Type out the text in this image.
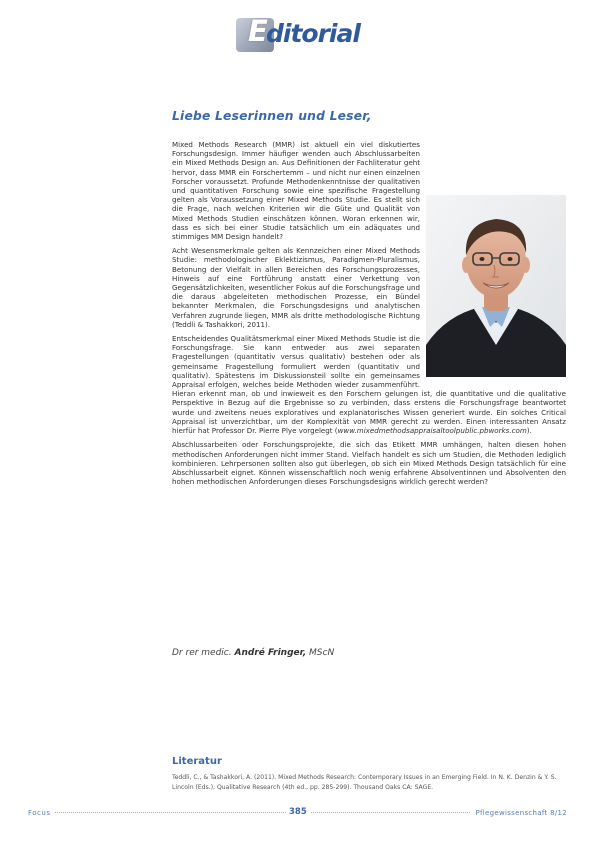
E ditorial
Liebe Leserinnen und Leser,

Mixed Methods Research (MMR) ist aktuell ein viel diskutiertes Forschungsdesign. Immer häufiger wenden auch Abschlussarbeiten ein Mixed Methods Design an. Aus Definitionen der Fachliteratur geht hervor, dass MMR ein Forschertemm – und nicht nur einen einzelnen Forscher voraussetzt. Profunde Methodenkenntnisse der qualitativen und quantitativen Forschung sowie eine spezifische Fragestellung gelten als Voraussetzung einer Mixed Methods Studie. Es stellt sich die Frage, nach welchen Kriterien wir die Güte und Qualität von Mixed Methods Studien einschätzen können. Woran erkennen wir, dass es sich bei einer Studie tatsächlich um ein adäquates und stimmiges MM Design handelt?

Acht Wesensmerkmale gelten als Kennzeichen einer Mixed Methods Studie: methodologischer Eklektizismus, Paradigmen-Pluralismus, Betonung der Vielfalt in allen Bereichen des Forschungsprozesses, Hinweis auf eine Fortführung anstatt einer Verkettung von Gegensätzlichkeiten, wesentlicher Fokus auf die Forschungsfrage und die daraus abgeleiteten methodischen Prozesse, ein Bündel bekannter Merkmalen, die Forschungsdesigns und analytischen Verfahren zugrunde liegen, MMR als dritte methodologische Richtung (Teddli & Tashakkori, 2011).

Entscheidendes Qualitätsmerkmal einer Mixed Methods Studie ist die Forschungsfrage. Sie kann entweder aus zwei separaten Fragestellungen (quantitativ versus qualitativ) bestehen oder als gemeinsame Fragestellung formuliert werden (quantitativ und qualitativ). Spätestens im Diskussionsteil sollte ein gemeinsames Appraisal erfolgen, welches beide Methoden wieder zusammenführt. Hieran erkennt man, ob und inwieweit es den Forschern gelungen ist, die quantitative und die qualitative Perspektive in Bezug auf die Ergebnisse so zu verbinden, dass erstens die Forschungsfrage beantwortet wurde und zweitens neues exploratives und explanatorisches Wissen generiert wurde. Ein solches Critical Appraisal ist unverzichtbar, um der Komplexität von MMR gerecht zu werden. Einen interessanten Ansatz hierfür hat Professor Dr. Pierre Plye vorgelegt (www.mixedmethodsappraisaltoolpublic.pbworks.com).

Abschlussarbeiten oder Forschungsprojekte, die sich das Etikett MMR umhängen, halten diesen hohen methodischen Anforderungen nicht immer Stand. Vielfach handelt es sich um Studien, die Methoden lediglich kombinieren. Lehrpersonen sollten also gut überlegen, ob sich ein Mixed Methods Design tatsächlich für eine Abschlussarbeit eignet. Können wissenschaftlich noch wenig erfahrene Absolventinnen und Absolventen den hohen methodischen Anforderungen dieses Forschungsdesigns wirklich gerecht werden?

Dr rer medic. André Fringer, MScN

Literatur

Teddli, C., & Tashakkori, A. (2011). Mixed Methods Research: Contemporary Issues in an Emerging Field. In N. K. Denzin & Y. S. Lincoln (Eds.), Qualitative Research (4th ed., pp. 285-299). Thousand Oaks CA: SAGE.

Focus	385	Pflegewissenschaft 8/12
